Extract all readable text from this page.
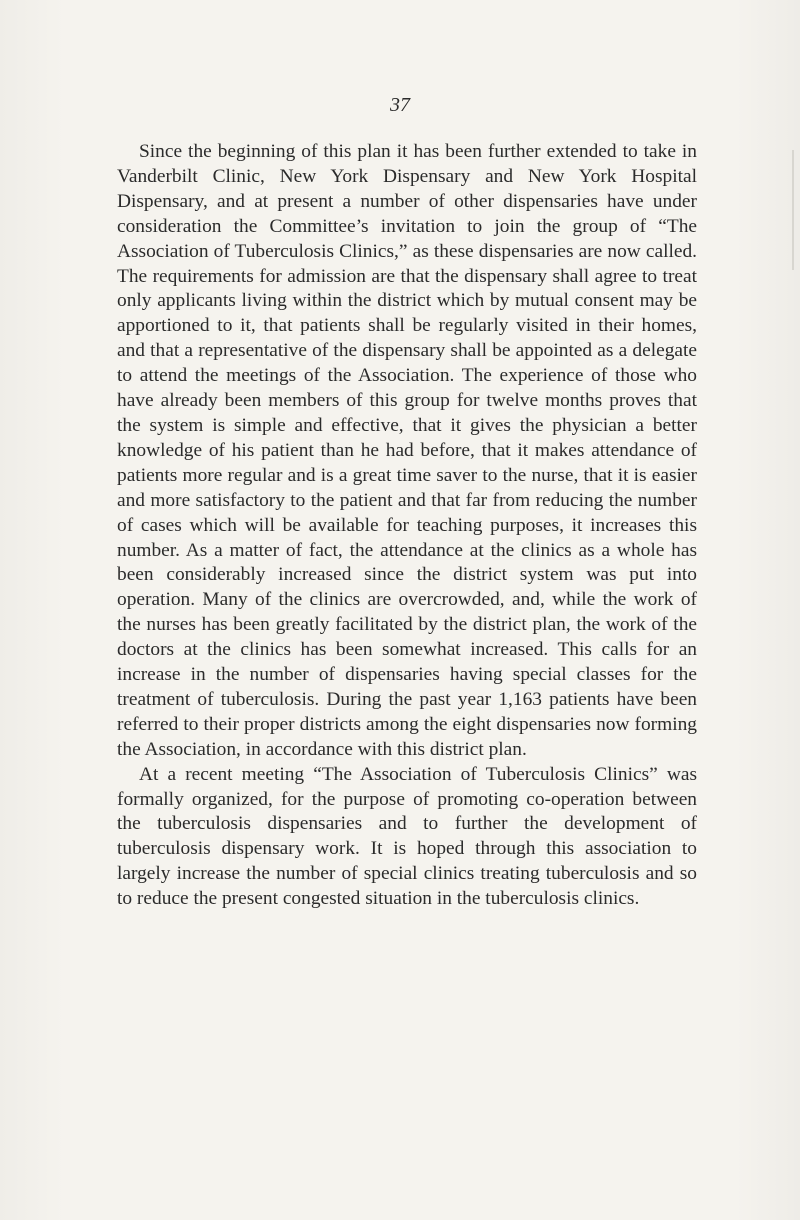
37

Since the beginning of this plan it has been further extended to take in Vanderbilt Clinic, New York Dispensary and New York Hospital Dispensary, and at present a number of other dispensaries have under consideration the Committee’s invitation to join the group of “The Association of Tuberculosis Clinics,” as these dispensaries are now called. The requirements for admission are that the dispensary shall agree to treat only applicants living within the district which by mutual consent may be apportioned to it, that patients shall be regularly visited in their homes, and that a representative of the dispensary shall be appointed as a delegate to attend the meetings of the Association. The experience of those who have already been members of this group for twelve months proves that the system is simple and effective, that it gives the physician a better knowledge of his patient than he had before, that it makes attendance of patients more regular and is a great time saver to the nurse, that it is easier and more satisfactory to the patient and that far from reducing the number of cases which will be available for teaching purposes, it increases this number. As a matter of fact, the attendance at the clinics as a whole has been considerably increased since the district system was put into operation. Many of the clinics are overcrowded, and, while the work of the nurses has been greatly facilitated by the district plan, the work of the doctors at the clinics has been somewhat increased. This calls for an increase in the number of dispensaries having special classes for the treatment of tuberculosis. During the past year 1,163 patients have been referred to their proper districts among the eight dispensaries now forming the Association, in accordance with this district plan.

At a recent meeting “The Association of Tuberculosis Clinics” was formally organized, for the purpose of promoting co-operation between the tuberculosis dispensaries and to further the development of tuberculosis dispensary work. It is hoped through this association to largely increase the number of special clinics treating tuberculosis and so to reduce the present congested situation in the tuberculosis clinics.
